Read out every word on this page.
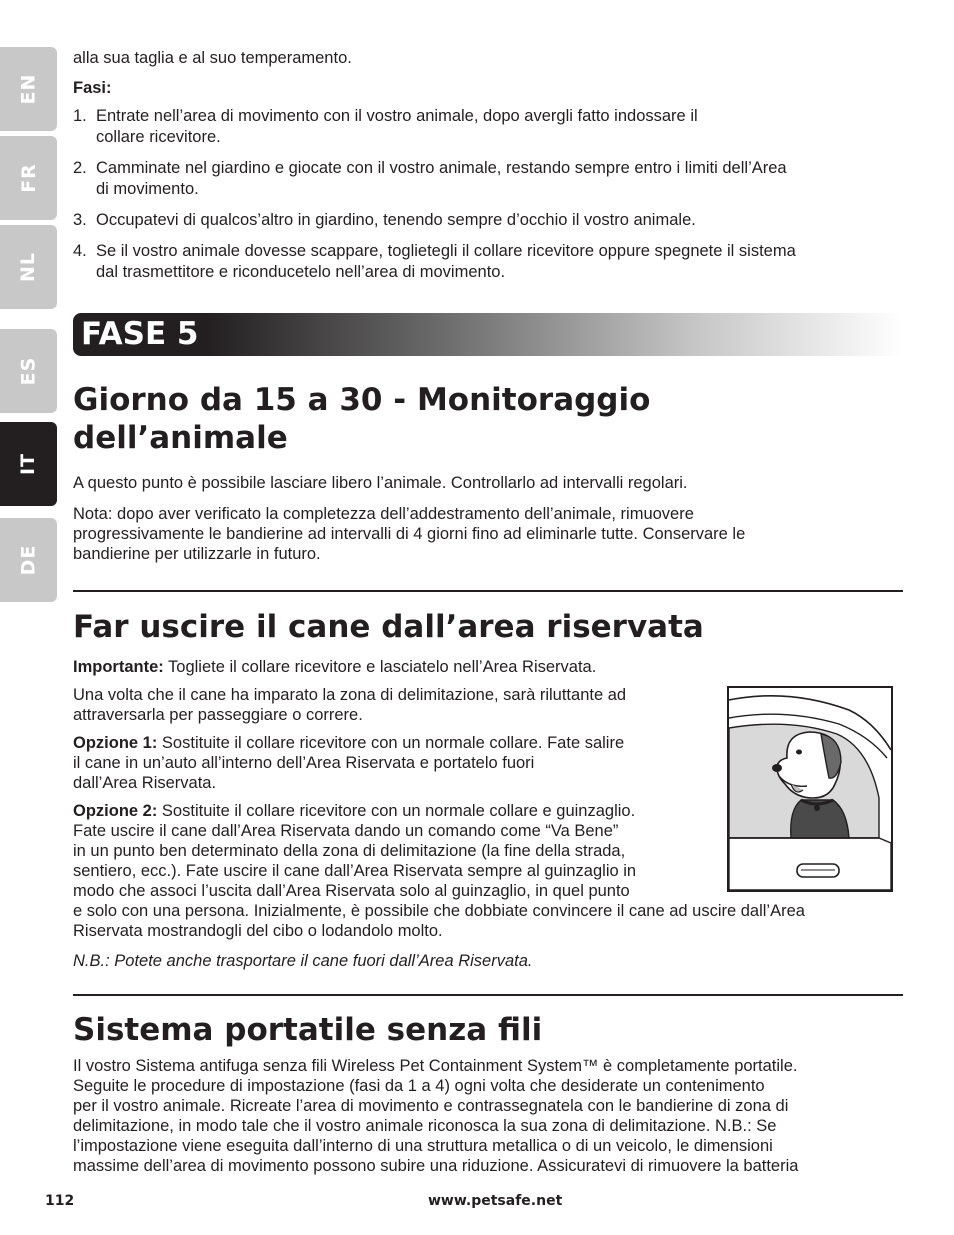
EN
FR
NL
ES
IT
DE

alla sua taglia e al suo temperamento.

Fasi:

1. Entrate nell’area di movimento con il vostro animale, dopo avergli fatto indossare il
collare ricevitore.
2. Camminate nel giardino e giocate con il vostro animale, restando sempre entro i limiti dell’Area
di movimento.
3. Occupatevi di qualcos’altro in giardino, tenendo sempre d’occhio il vostro animale.
4. Se il vostro animale dovesse scappare, toglietegli il collare ricevitore oppure spegnete il sistema
dal trasmettitore e riconducetelo nell’area di movimento.
FASE 5
Giorno da 15 a 30 - Monitoraggio
dell’animale

A questo punto è possibile lasciare libero l’animale. Controllarlo ad intervalli regolari.

Nota: dopo aver verificato la completezza dell’addestramento dell’animale, rimuovere
progressivamente le bandierine ad intervalli di 4 giorni fino ad eliminarle tutte. Conservare le
bandierine per utilizzarle in futuro.

Far uscire il cane dall’area riservata

Importante: Togliete il collare ricevitore e lasciatelo nell’Area Riservata.

Una volta che il cane ha imparato la zona di delimitazione, sarà riluttante ad
attraversarla per passeggiare o correre.

Opzione 1: Sostituite il collare ricevitore con un normale collare. Fate salire
il cane in un’auto all’interno dell’Area Riservata e portatelo fuori
dall’Area Riservata.

Opzione 2: Sostituite il collare ricevitore con un normale collare e guinzaglio.
Fate uscire il cane dall’Area Riservata dando un comando come “Va Bene”
in un punto ben determinato della zona di delimitazione (la fine della strada,
sentiero, ecc.). Fate uscire il cane dall’Area Riservata sempre al guinzaglio in
modo che associ l’uscita dall’Area Riservata solo al guinzaglio, in quel punto
e solo con una persona. Inizialmente, è possibile che dobbiate convincere il cane ad uscire dall’Area
Riservata mostrandogli del cibo o lodandolo molto.

N.B.: Potete anche trasportare il cane fuori dall’Area Riservata.

Sistema portatile senza fili

Il vostro Sistema antifuga senza fili Wireless Pet Containment System™ è completamente portatile.
Seguite le procedure di impostazione (fasi da 1 a 4) ogni volta che desiderate un contenimento
per il vostro animale. Ricreate l’area di movimento e contrassegnatela con le bandierine di zona di
delimitazione, in modo tale che il vostro animale riconosca la sua zona di delimitazione. N.B.: Se
l’impostazione viene eseguita dall’interno di una struttura metallica o di un veicolo, le dimensioni
massime dell’area di movimento possono subire una riduzione. Assicuratevi di rimuovere la batteria

112	www.petsafe.net
